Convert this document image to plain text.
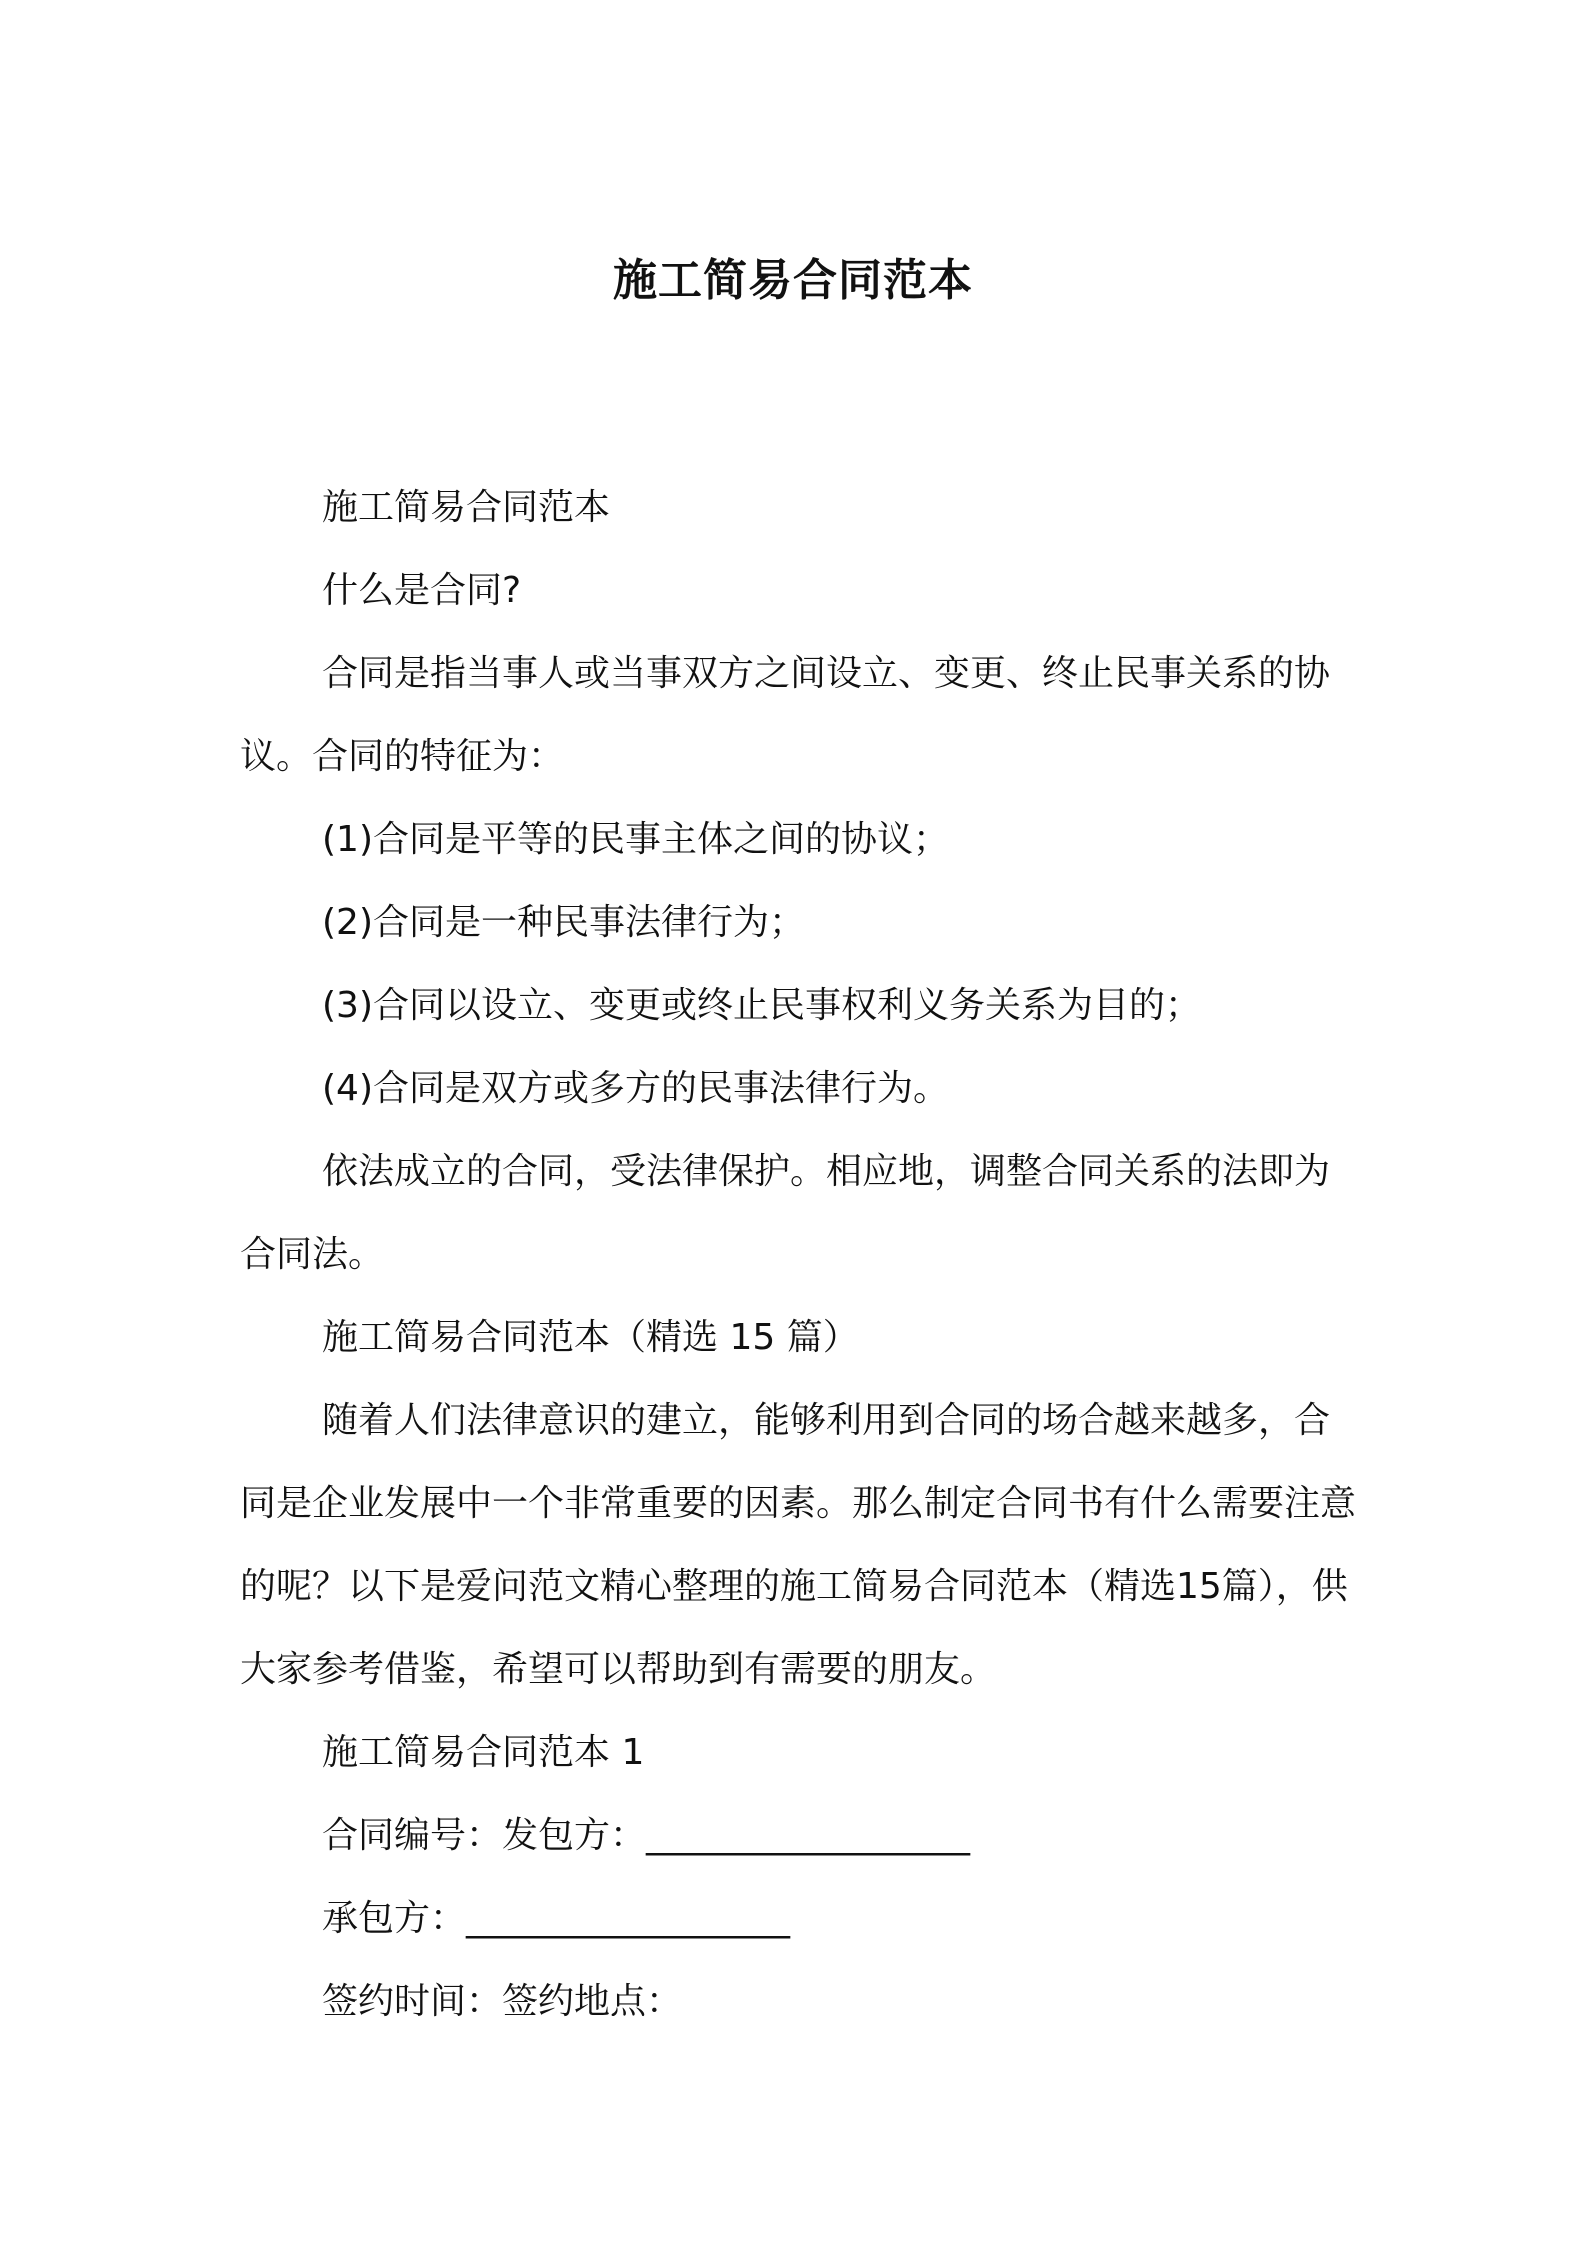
施工简易合同范本

施工简易合同范本

什么是合同?

合同是指当事人或当事双方之间设立、变更、终止民事关系的协议。合同的特征为：

(1)合同是平等的民事主体之间的协议；

(2)合同是一种民事法律行为；

(3)合同以设立、变更或终止民事权利义务关系为目的；

(4)合同是双方或多方的民事法律行为。

依法成立的合同，受法律保护。相应地，调整合同关系的法即为合同法。

施工简易合同范本（精选 15 篇）

随着人们法律意识的建立，能够利用到合同的场合越来越多，合同是企业发展中一个非常重要的因素。那么制定合同书有什么需要注意的呢？以下是爱问范文精心整理的施工简易合同范本（精选15篇），供大家参考借鉴，希望可以帮助到有需要的朋友。

施工简易合同范本 1

合同编号：发包方：__________________

承包方：__________________

签约时间：签约地点：
